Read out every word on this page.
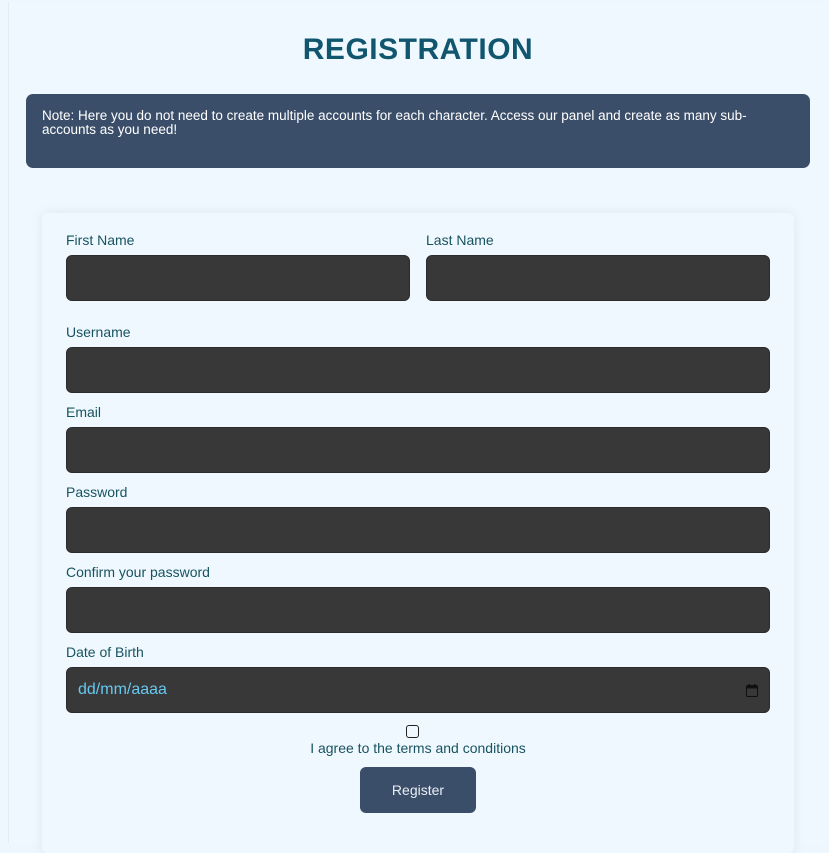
REGISTRATION
Note: Here you do not need to create multiple accounts for each character. Access our panel and create as many sub-accounts as you need!
First Name	Last Name
Username
Email
Password
Confirm your password
Date of Birth
dd/mm/aaaa
I agree to the terms and conditions
Register
